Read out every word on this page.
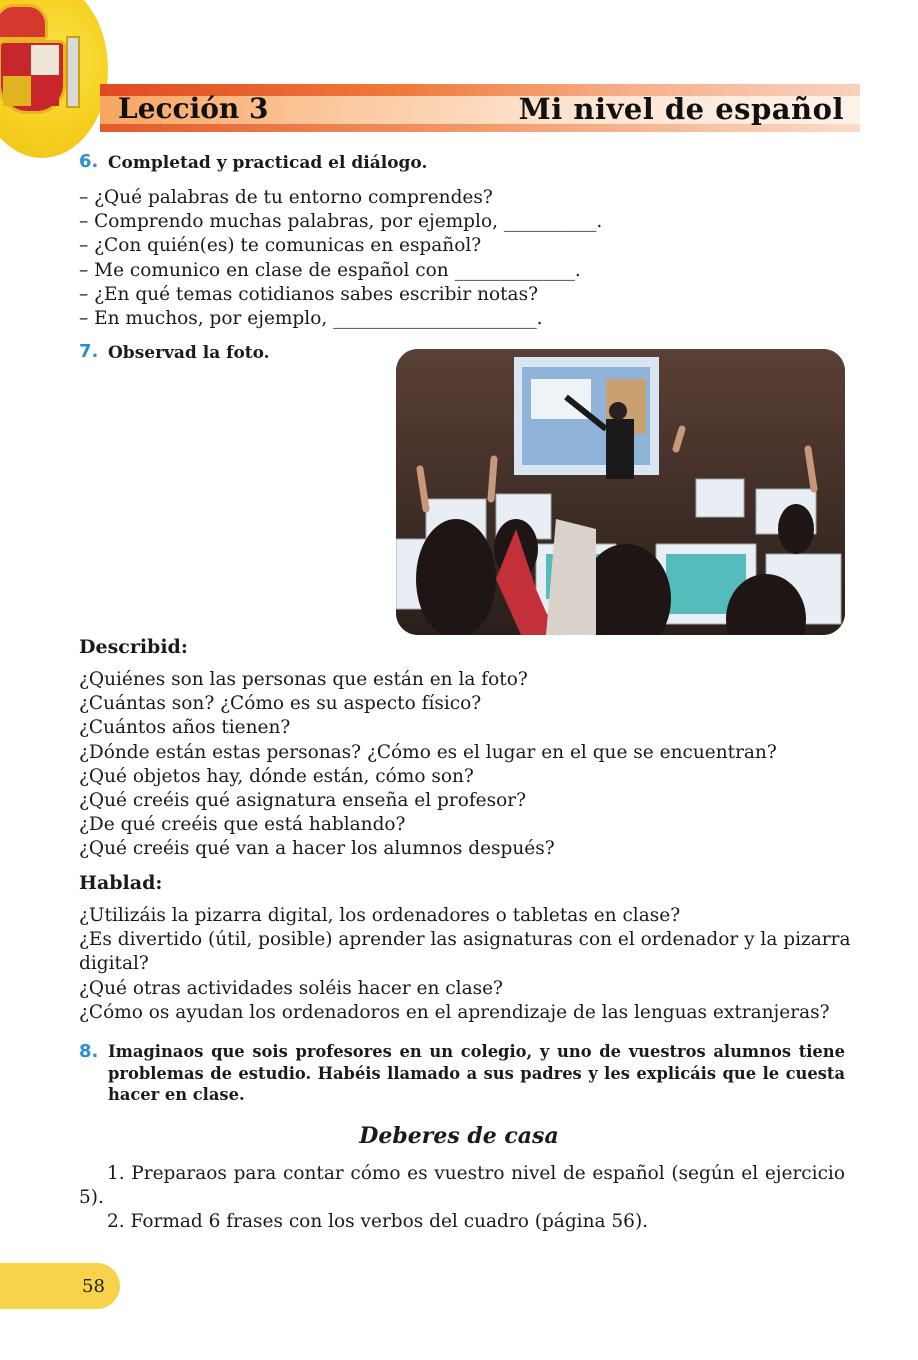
Lección 3	Mi nivel de español
6. Completad y practicad el diálogo.
– ¿Qué palabras de tu entorno comprendes?
– Comprendo muchas palabras, por ejemplo, __________.
– ¿Con quién(es) te comunicas en español?
– Me comunico en clase de español con _____________.
– ¿En qué temas cotidianos sabes escribir notas?
– En muchos, por ejemplo, ______________________.
7. Observad la foto.
Describid:
¿Quiénes son las personas que están en la foto?
¿Cuántas son? ¿Cómo es su aspecto físico?
¿Cuántos años tienen?
¿Dónde están estas personas? ¿Cómo es el lugar en el que se encuentran?
¿Qué objetos hay, dónde están, cómo son?
¿Qué creéis qué asignatura enseña el profesor?
¿De qué creéis que está hablando?
¿Qué creéis qué van a hacer los alumnos después?
Hablad:
¿Utilizáis la pizarra digital, los ordenadores o tabletas en clase?
¿Es divertido (útil, posible) aprender las asignaturas con el ordenador y la pizarra
digital?
¿Qué otras actividades soléis hacer en clase?
¿Cómo os ayudan los ordenadoros en el aprendizaje de las lenguas extranjeras?
8. Imaginaos que sois profesores en un colegio, y uno de vuestros alumnos tiene problemas de estudio. Habéis llamado a sus padres y les explicáis que le cuesta hacer en clase.
Deberes de casa
1. Preparaos para contar cómo es vuestro nivel de español (según el ejercicio 5).
2. Formad 6 frases con los verbos del cuadro (página 56).
58
